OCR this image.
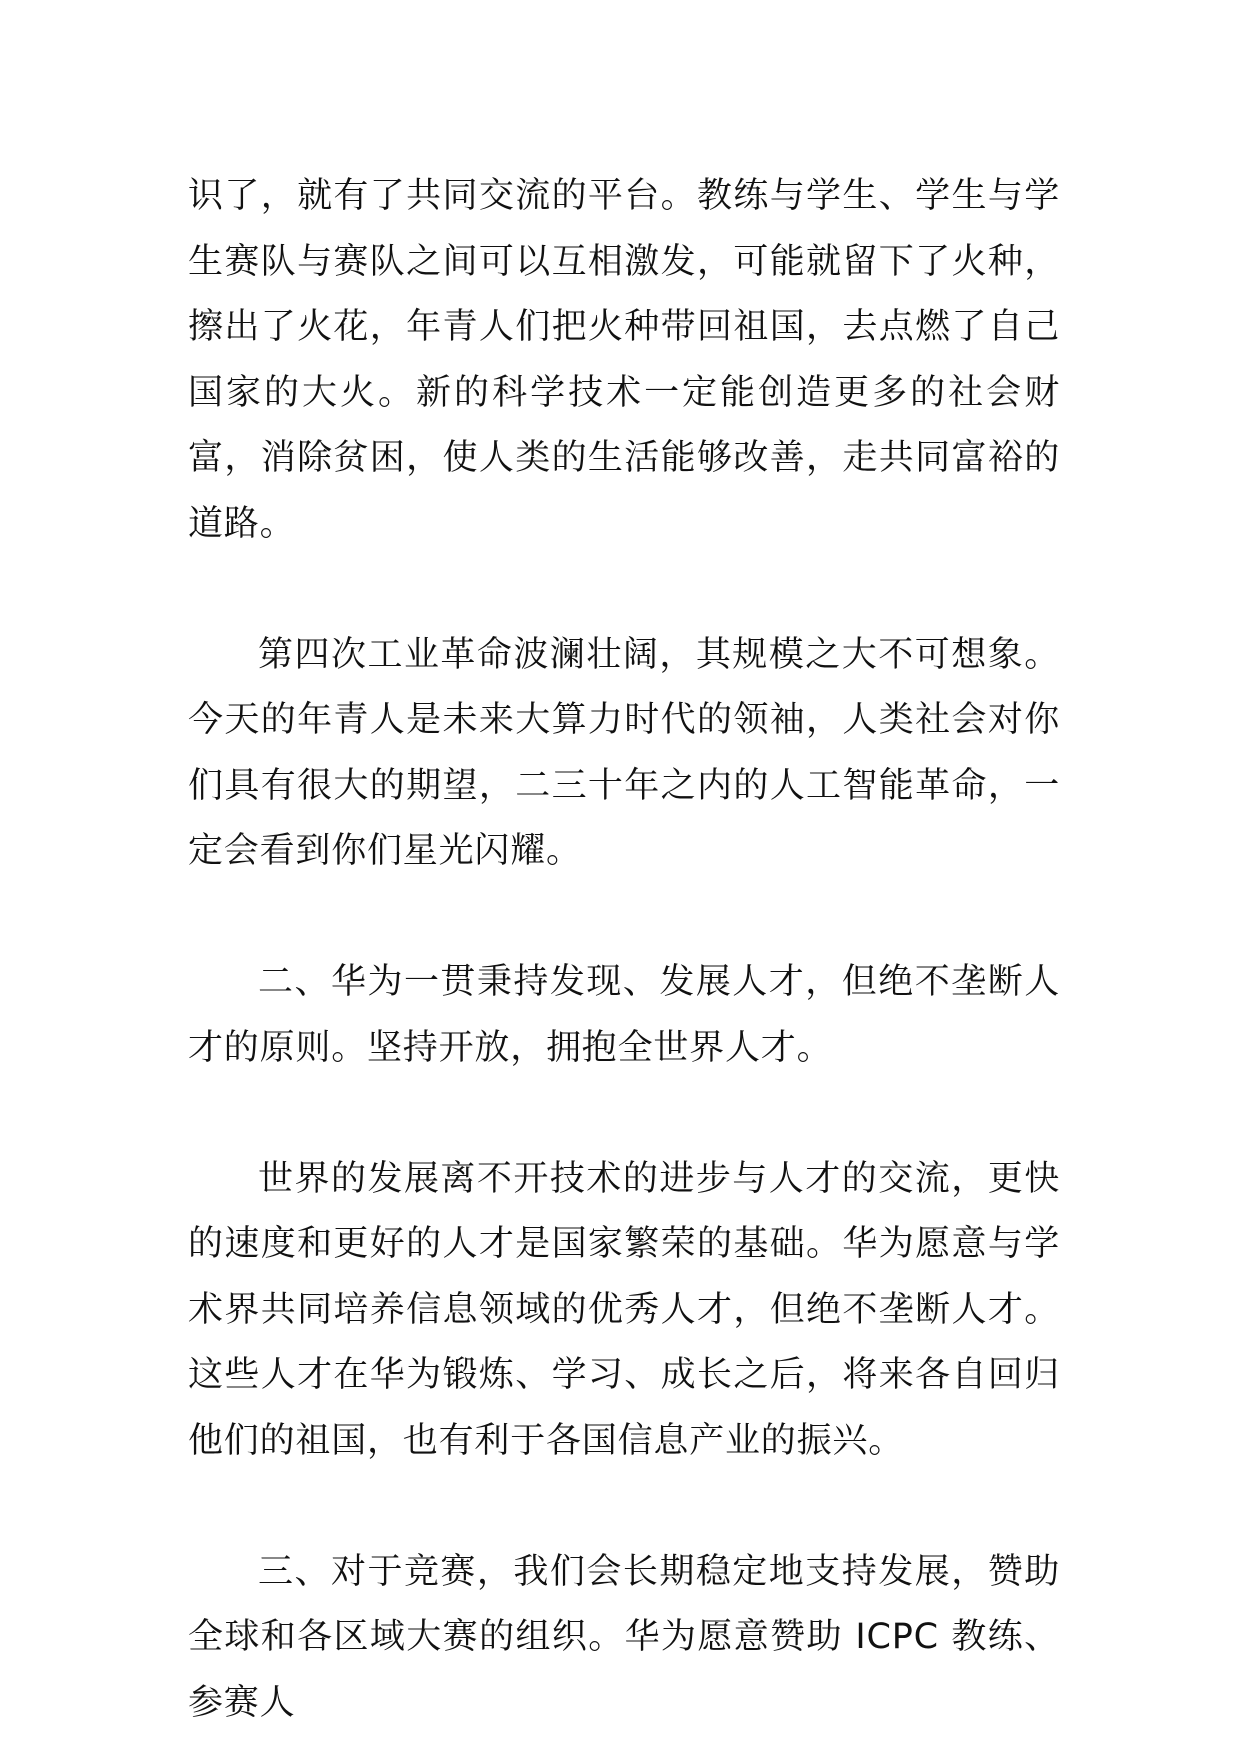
识了，就有了共同交流的平台。教练与学生、学生与学生赛队与赛队之间可以互相激发，可能就留下了火种，擦出了火花，年青人们把火种带回祖国，去点燃了自己国家的大火。新的科学技术一定能创造更多的社会财富，消除贫困，使人类的生活能够改善，走共同富裕的道路。

第四次工业革命波澜壮阔，其规模之大不可想象。今天的年青人是未来大算力时代的领袖，人类社会对你们具有很大的期望，二三十年之内的人工智能革命，一定会看到你们星光闪耀。

二、华为一贯秉持发现、发展人才，但绝不垄断人才的原则。坚持开放，拥抱全世界人才。

世界的发展离不开技术的进步与人才的交流，更快的速度和更好的人才是国家繁荣的基础。华为愿意与学术界共同培养信息领域的优秀人才，但绝不垄断人才。这些人才在华为锻炼、学习、成长之后，将来各自回归他们的祖国，也有利于各国信息产业的振兴。

三、对于竞赛，我们会长期稳定地支持发展，赞助全球和各区域大赛的组织。华为愿意赞助 ICPC 教练、参赛人
